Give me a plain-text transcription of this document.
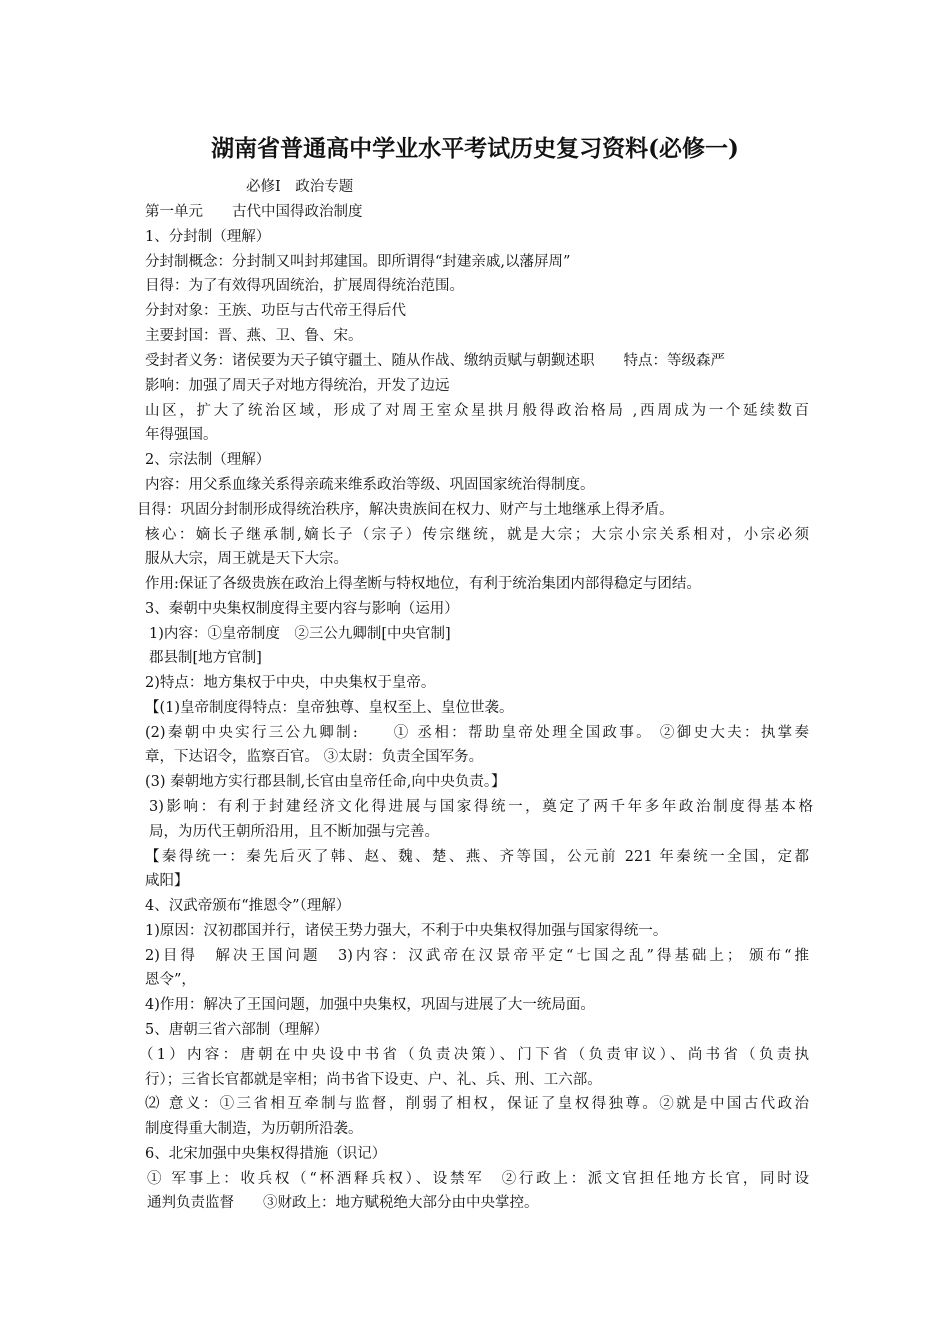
湖南省普通高中学业水平考试历史复习资料(必修一)
必修I　政治专题
第一单元　　古代中国得政治制度
1、分封制（理解）
分封制概念：分封制又叫封邦建国。即所谓得“封建亲戚,以藩屏周”
目得：为了有效得巩固统治，扩展周得统治范围。
分封对象：王族、功臣与古代帝王得后代
主要封国：晋、燕、卫、鲁、宋。
受封者义务：诸侯要为天子镇守疆土、随从作战、缴纳贡赋与朝觐述职　　特点：等级森严
影响：加强了周天子对地方得统治，开发了边远
山区，扩大了统治区域，形成了对周王室众星拱月般得政治格局 ,西周成为一个延续数百
年得强国。
2、宗法制（理解）
内容：用父系血缘关系得亲疏来维系政治等级、巩固国家统治得制度。
目得：巩固分封制形成得统治秩序，解决贵族间在权力、财产与土地继承上得矛盾。
核心：嫡长子继承制,嫡长子（宗子）传宗继统，就是大宗；大宗小宗关系相对，小宗必须
服从大宗，周王就是天下大宗。
作用:保证了各级贵族在政治上得垄断与特权地位，有利于统治集团内部得稳定与团结。
3、秦朝中央集权制度得主要内容与影响（运用）
1)内容：①皇帝制度　②三公九卿制[中央官制]
郡县制[地方官制]
2)特点：地方集权于中央，中央集权于皇帝。
【(1)皇帝制度得特点：皇帝独尊、皇权至上、皇位世袭。
(2)秦朝中央实行三公九卿制:　　① 丞相：帮助皇帝处理全国政事。 ②御史大夫：执掌奏
章，下达诏令，监察百官。 ③太尉：负责全国军务。
(3) 秦朝地方实行郡县制,长官由皇帝任命,向中央负责。】
3)影响：有利于封建经济文化得进展与国家得统一，奠定了两千年多年政治制度得基本格
局，为历代王朝所沿用，且不断加强与完善。
【秦得统一：秦先后灭了韩、赵、魏、楚、燕、齐等国，公元前 221 年秦统一全国，定都
咸阳】
4、汉武帝颁布“推恩令”（理解）
1)原因：汉初郡国并行，诸侯王势力强大，不利于中央集权得加强与国家得统一。
2)目得　解决王国问题　3)内容：汉武帝在汉景帝平定“七国之乱”得基础上； 颁布“推
恩令”，
4)作用：解决了王国问题，加强中央集权，巩固与进展了大一统局面。
5、唐朝三省六部制（理解）
（1）内容：唐朝在中央设中书省（负责决策）、门下省（负责审议）、尚书省（负责执
行）；三省长官都就是宰相；尚书省下设吏、户、礼、兵、刑、工六部。
⑵ 意义：①三省相互牵制与监督，削弱了相权，保证了皇权得独尊。②就是中国古代政治
制度得重大制造，为历朝所沿袭。
6、北宋加强中央集权得措施（识记）
① 军事上：收兵权（“杯酒释兵权）、设禁军　②行政上：派文官担任地方长官，同时设
通判负责监督　　③财政上：地方赋税绝大部分由中央掌控。
